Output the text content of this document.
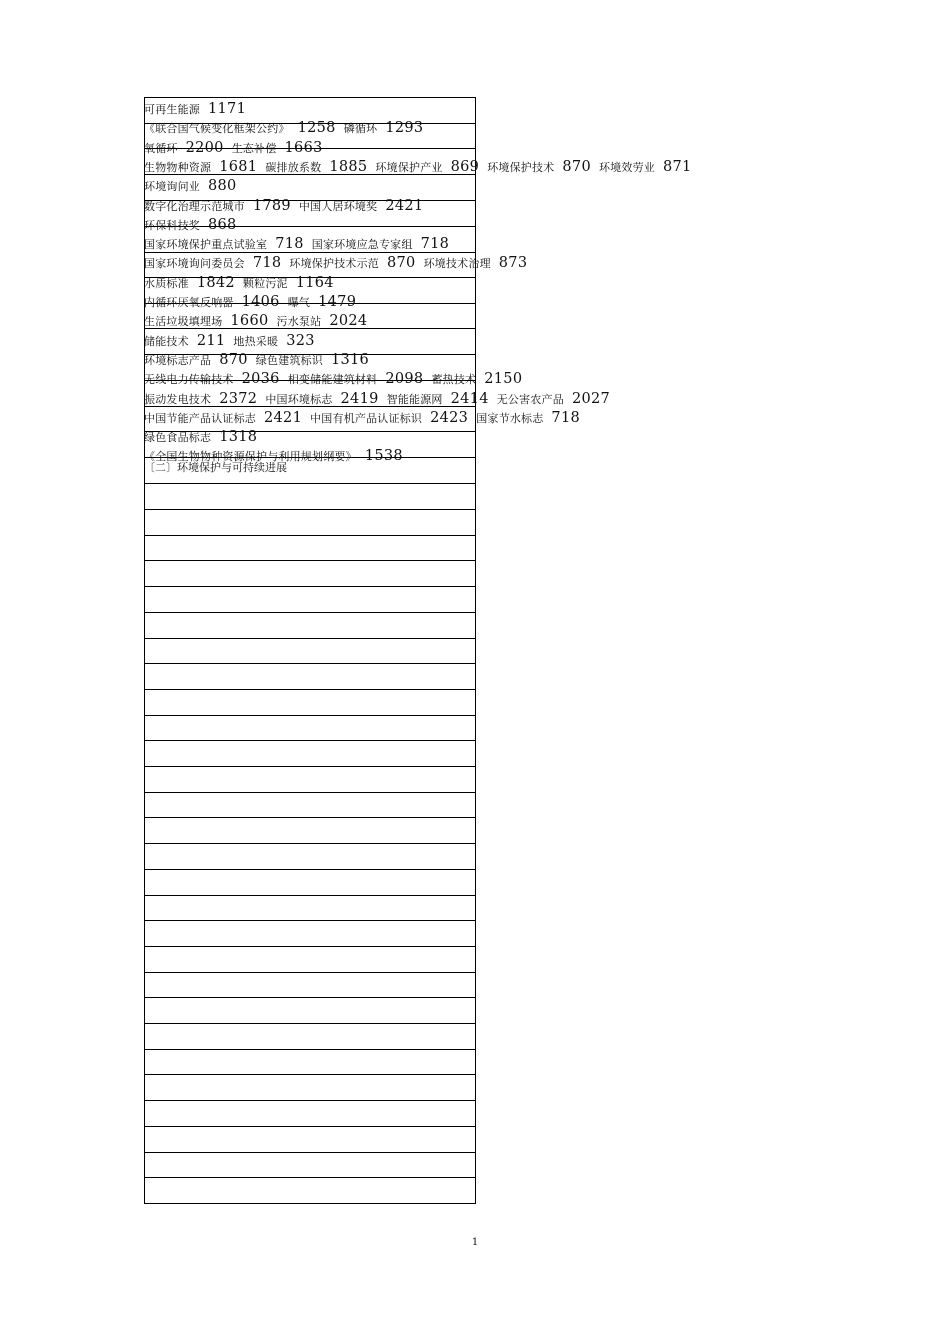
可再生能源 1171
《联合国气候变化框架公约》 1258 磷循环 1293
氧循环 2200 生态补偿 1663
生物物种资源 1681 碳排放系数 1885 环境保护产业 869 环境保护技术 870 环境效劳业 871
环境询问业 880
数字化治理示范城市 1789 中国人居环境奖 2421
环保科技奖 868
国家环境保护重点试验室 718 国家环境应急专家组 718
国家环境询问委员会 718 环境保护技术示范 870 环境技术治理 873
水质标准 1842 颗粒污泥 1164
内循环厌氧反响器 1406 曝气 1479
生活垃圾填埋场 1660 污水泵站 2024
储能技术 211 地热采暖 323
环境标志产品 870 绿色建筑标识 1316
无线电力传输技术 2036 相变储能建筑材料 2098 蓄热技术 2150
振动发电技术 2372 中国环境标志 2419 智能能源网 2414 无公害农产品 2027
中国节能产品认证标志 2421 中国有机产品认证标识 2423 国家节水标志 718
绿色食品标志 1318
《全国生物物种资源保护与利用规划纲要》 1538
〔二〕环境保护与可持续进展
1
